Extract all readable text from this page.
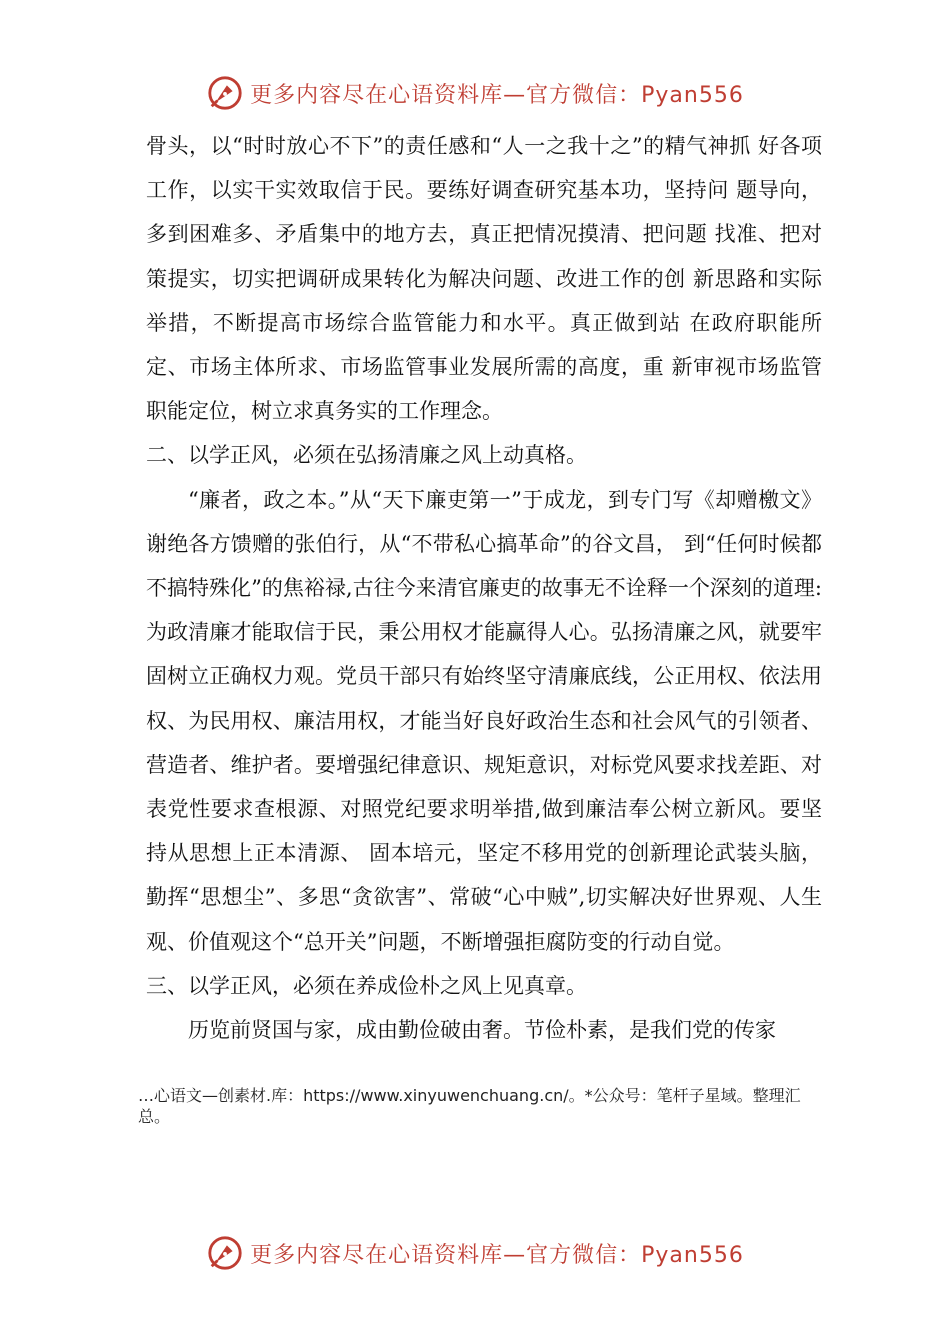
更多内容尽在心语资料库—官方微信：Pyan556

骨头，以“时时放心不下”的责任感和“人一之我十之”的精气神抓 好各项工作，以实干实效取信于民。要练好调查研究基本功，坚持问 题导向，多到困难多、矛盾集中的地方去，真正把情况摸清、把问题 找准、把对策提实，切实把调研成果转化为解决问题、改进工作的创 新思路和实际举措，不断提高市场综合监管能力和水平。真正做到站 在政府职能所定、市场主体所求、市场监管事业发展所需的高度，重 新审视市场监管职能定位，树立求真务实的工作理念。

二、以学正风，必须在弘扬清廉之风上动真格。

“廉者，政之本。”从“天下廉吏第一”于成龙，到专门写《却赠檄文》谢绝各方馈赠的张伯行，从“不带私心搞革命”的谷文昌， 到“任何时候都不搞特殊化”的焦裕禄,古往今来清官廉吏的故事无不诠释一个深刻的道理:为政清廉才能取信于民，秉公用权才能赢得人心。弘扬清廉之风，就要牢固树立正确权力观。党员干部只有始终坚守清廉底线，公正用权、依法用权、为民用权、廉洁用权，才能当好良好政治生态和社会风气的引领者、营造者、维护者。要增强纪律意识、规矩意识，对标党风要求找差距、对表党性要求查根源、对照党纪要求明举措,做到廉洁奉公树立新风。要坚持从思想上正本清源、 固本培元，坚定不移用党的创新理论武装头脑，勤挥“思想尘”、多思“贪欲害”、常破“心中贼”,切实解决好世界观、人生观、价值观这个“总开关”问题，不断增强拒腐防变的行动自觉。

三、以学正风，必须在养成俭朴之风上见真章。

历览前贤国与家，成由勤俭破由奢。节俭朴素，是我们党的传家

…心语文—创素材.库：https://www.xinyuwenchuang.cn/。*公众号：笔杆子星域。整理汇总。
更多内容尽在心语资料库—官方微信：Pyan556
